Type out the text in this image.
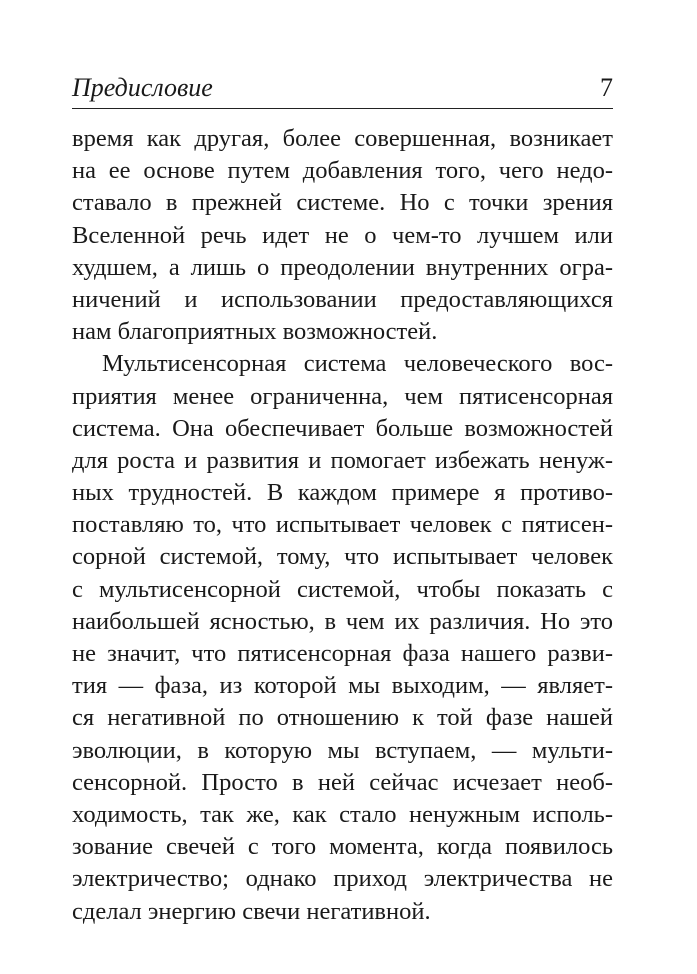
Предисловие	7
время как другая, более совершенная, возникает
на ее основе путем добавления того, чего недо-
ставало в прежней системе. Но с точки зрения
Вселенной речь идет не о чем-то лучшем или
худшем, а лишь о преодолении внутренних огра-
ничений и использовании предоставляющихся
нам благоприятных возможностей.
Мультисенсорная система человеческого вос-
приятия менее ограниченна, чем пятисенсорная
система. Она обеспечивает больше возможностей
для роста и развития и помогает избежать ненуж-
ных трудностей. В каждом примере я противо-
поставляю то, что испытывает человек с пятисен-
сорной системой, тому, что испытывает человек
с мультисенсорной системой, чтобы показать с
наибольшей ясностью, в чем их различия. Но это
не значит, что пятисенсорная фаза нашего разви-
тия — фаза, из которой мы выходим, — являет-
ся негативной по отношению к той фазе нашей
эволюции, в которую мы вступаем, — мульти-
сенсорной. Просто в ней сейчас исчезает необ-
ходимость, так же, как стало ненужным исполь-
зование свечей с того момента, когда появилось
электричество; однако приход электричества не
сделал энергию свечи негативной.
